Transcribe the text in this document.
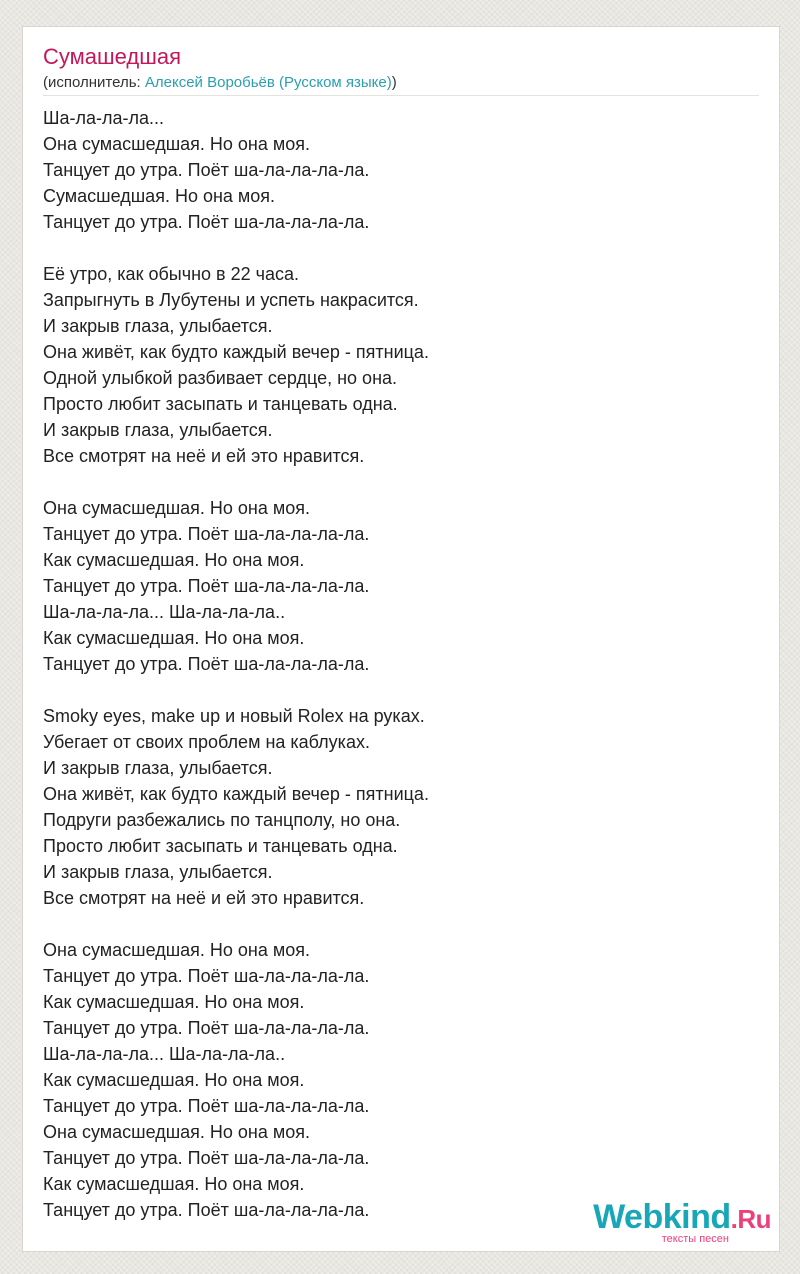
Сумашедшая
(исполнитель: Алексей Воробьёв (Русском языке))
Ша-ла-ла-ла...
Она сумасшедшая. Но она моя.
Танцует до утра. Поёт ша-ла-ла-ла-ла.
Сумасшедшая. Но она моя.
Танцует до утра. Поёт ша-ла-ла-ла-ла.
Её утро, как обычно в 22 часа.
Запрыгнуть в Лубутены и успеть накрасится.
И закрыв глаза, улыбается.
Она живёт, как будто каждый вечер - пятница.
Одной улыбкой разбивает сердце, но она.
Просто любит засыпать и танцевать одна.
И закрыв глаза, улыбается.
Все смотрят на неё и ей это нравится.
Она сумасшедшая. Но она моя.
Танцует до утра. Поёт ша-ла-ла-ла-ла.
Как сумасшедшая. Но она моя.
Танцует до утра. Поёт ша-ла-ла-ла-ла.
Ша-ла-ла-ла... Ша-ла-ла-ла..
Как сумасшедшая. Но она моя.
Танцует до утра. Поёт ша-ла-ла-ла-ла.
Smoky eyes, make up и новый Rolex на руках.
Убегает от своих проблем на каблуках.
И закрыв глаза, улыбается.
Она живёт, как будто каждый вечер - пятница.
Подруги разбежались по танцполу, но она.
Просто любит засыпать и танцевать одна.
И закрыв глаза, улыбается.
Все смотрят на неё и ей это нравится.
Она сумасшедшая. Но она моя.
Танцует до утра. Поёт ша-ла-ла-ла-ла.
Как сумасшедшая. Но она моя.
Танцует до утра. Поёт ша-ла-ла-ла-ла.
Ша-ла-ла-ла... Ша-ла-ла-ла..
Как сумасшедшая. Но она моя.
Танцует до утра. Поёт ша-ла-ла-ла-ла.
Она сумасшедшая. Но она моя.
Танцует до утра. Поёт ша-ла-ла-ла-ла.
Как сумасшедшая. Но она моя.
Танцует до утра. Поёт ша-ла-ла-ла-ла.	Webkind.Ru
тексты песен
